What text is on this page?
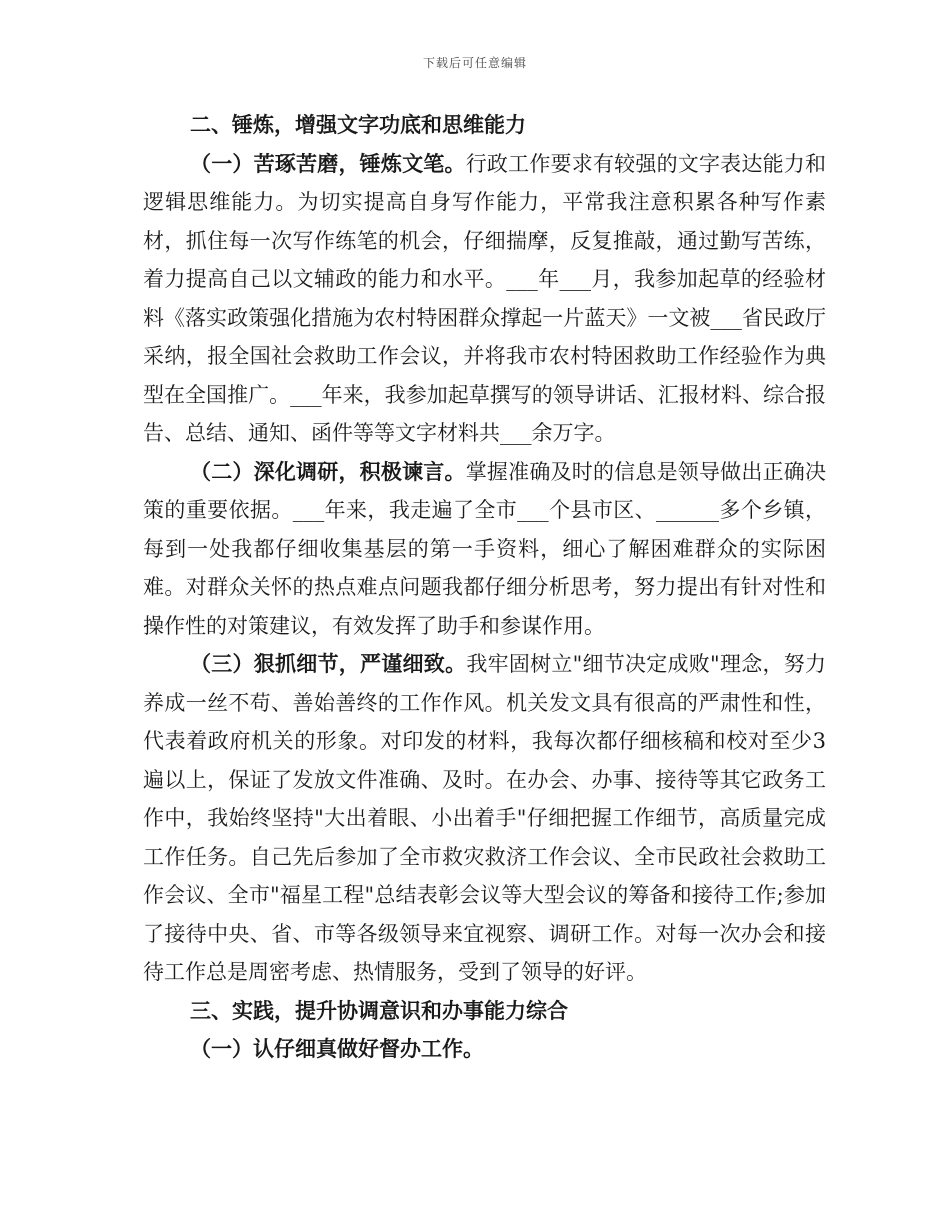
下载后可任意编辑

二、锤炼，增强文字功底和思维能力

（一）苦琢苦磨，锤炼文笔。行政工作要求有较强的文字表达能力和逻辑思维能力。为切实提高自身写作能力，平常我注意积累各种写作素材，抓住每一次写作练笔的机会，仔细揣摩，反复推敲，通过勤写苦练，着力提高自己以文辅政的能力和水平。___年___月，我参加起草的经验材料《落实政策强化措施为农村特困群众撑起一片蓝天》一文被___省民政厅采纳，报全国社会救助工作会议，并将我市农村特困救助工作经验作为典型在全国推广。___年来，我参加起草撰写的领导讲话、汇报材料、综合报告、总结、通知、函件等等文字材料共___余万字。

（二）深化调研，积极谏言。掌握准确及时的信息是领导做出正确决策的重要依据。___年来，我走遍了全市___个县市区、______多个乡镇，每到一处我都仔细收集基层的第一手资料，细心了解困难群众的实际困难。对群众关怀的热点难点问题我都仔细分析思考，努力提出有针对性和操作性的对策建议，有效发挥了助手和参谋作用。

（三）狠抓细节，严谨细致。我牢固树立"细节决定成败"理念，努力养成一丝不苟、善始善终的工作作风。机关发文具有很高的严肃性和性，代表着政府机关的形象。对印发的材料，我每次都仔细核稿和校对至少3遍以上，保证了发放文件准确、及时。在办会、办事、接待等其它政务工作中，我始终坚持"大出着眼、小出着手"仔细把握工作细节，高质量完成工作任务。自己先后参加了全市救灾救济工作会议、全市民政社会救助工作会议、全市"福星工程"总结表彰会议等大型会议的筹备和接待工作;参加了接待中央、省、市等各级领导来宜视察、调研工作。对每一次办会和接待工作总是周密考虑、热情服务，受到了领导的好评。

三、实践，提升协调意识和办事能力综合

（一）认仔细真做好督办工作。
